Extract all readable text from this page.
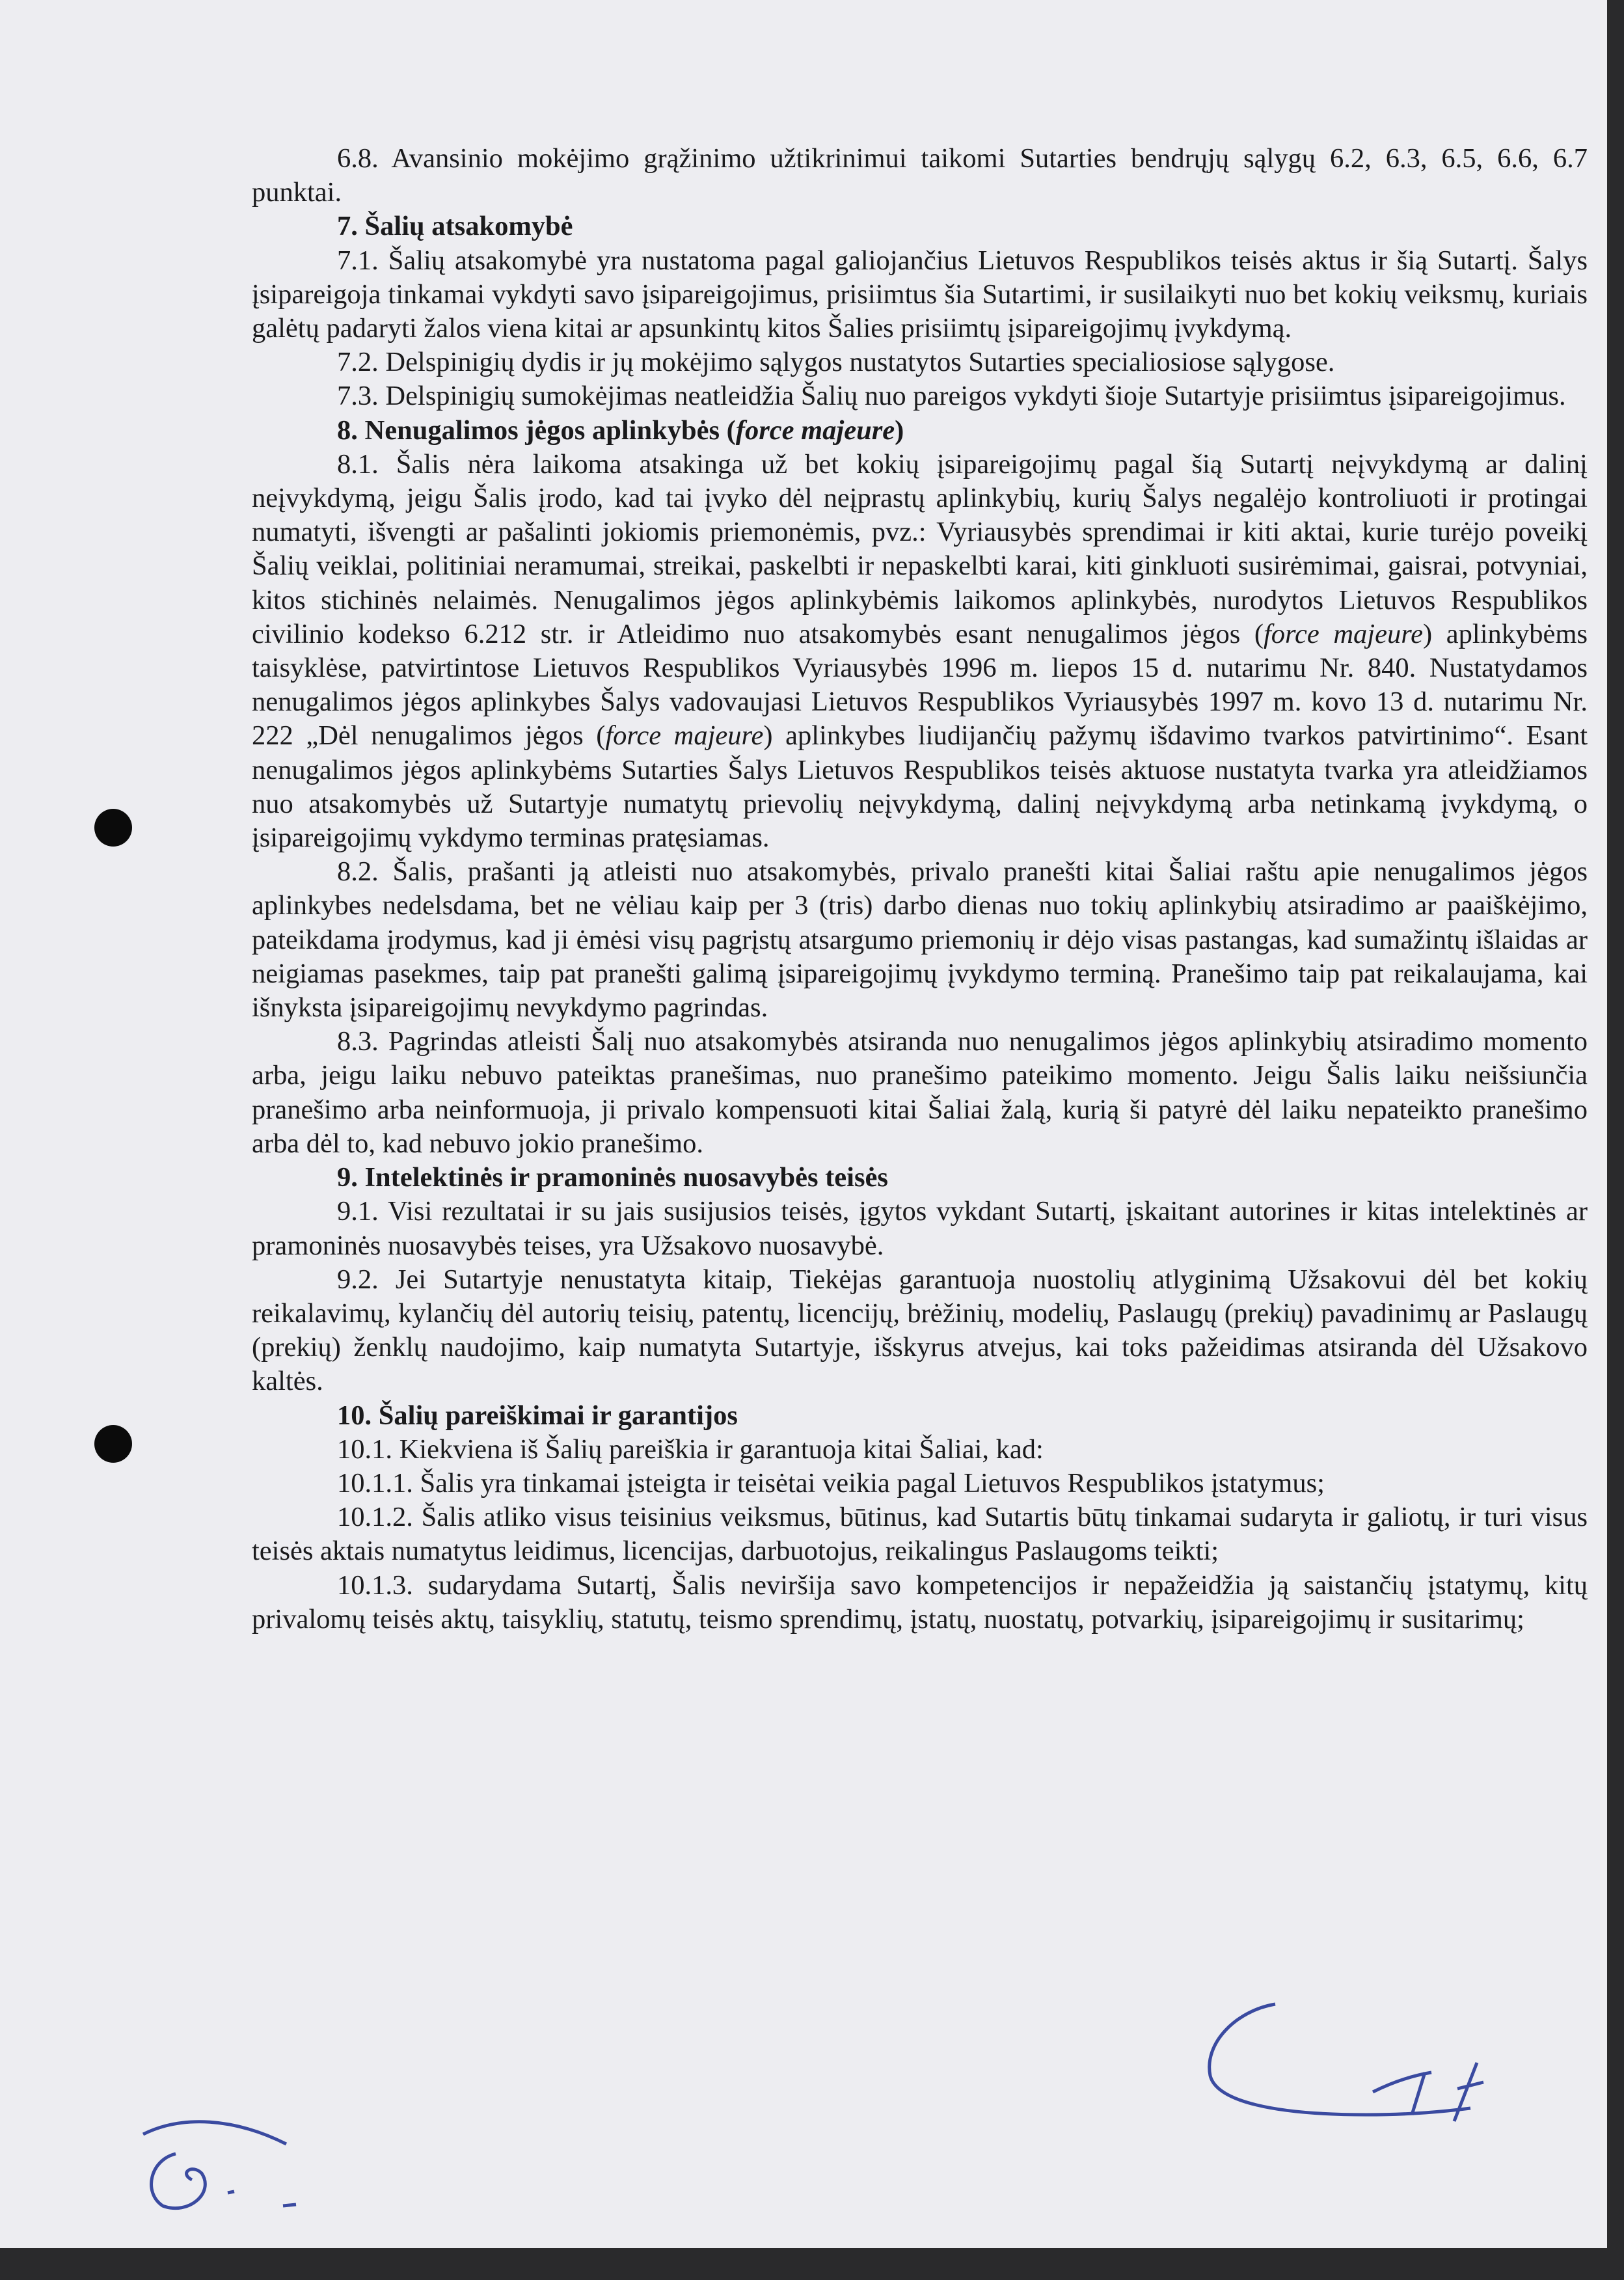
6.8. Avansinio mokėjimo grąžinimo užtikrinimui taikomi Sutarties bendrųjų sąlygų 6.2, 6.3, 6.5, 6.6, 6.7 punktai.

7. Šalių atsakomybė

7.1. Šalių atsakomybė yra nustatoma pagal galiojančius Lietuvos Respublikos teisės aktus ir šią Sutartį. Šalys įsipareigoja tinkamai vykdyti savo įsipareigojimus, prisiimtus šia Sutartimi, ir susilaikyti nuo bet kokių veiksmų, kuriais galėtų padaryti žalos viena kitai ar apsunkintų kitos Šalies prisiimtų įsipareigojimų įvykdymą.

7.2. Delspinigių dydis ir jų mokėjimo sąlygos nustatytos Sutarties specialiosiose sąlygose.

7.3. Delspinigių sumokėjimas neatleidžia Šalių nuo pareigos vykdyti šioje Sutartyje prisiimtus įsipareigojimus.

8. Nenugalimos jėgos aplinkybės (force majeure)

8.1. Šalis nėra laikoma atsakinga už bet kokių įsipareigojimų pagal šią Sutartį neįvykdymą ar dalinį neįvykdymą, jeigu Šalis įrodo, kad tai įvyko dėl neįprastų aplinkybių, kurių Šalys negalėjo kontroliuoti ir protingai numatyti, išvengti ar pašalinti jokiomis priemonėmis, pvz.: Vyriausybės sprendimai ir kiti aktai, kurie turėjo poveikį Šalių veiklai, politiniai neramumai, streikai, paskelbti ir nepaskelbti karai, kiti ginkluoti susirėmimai, gaisrai, potvyniai, kitos stichinės nelaimės. Nenugalimos jėgos aplinkybėmis laikomos aplinkybės, nurodytos Lietuvos Respublikos civilinio kodekso 6.212 str. ir Atleidimo nuo atsakomybės esant nenugalimos jėgos (force majeure) aplinkybėms taisyklėse, patvirtintose Lietuvos Respublikos Vyriausybės 1996 m. liepos 15 d. nutarimu Nr. 840. Nustatydamos nenugalimos jėgos aplinkybes Šalys vadovaujasi Lietuvos Respublikos Vyriausybės 1997 m. kovo 13 d. nutarimu Nr. 222 „Dėl nenugalimos jėgos (force majeure) aplinkybes liudijančių pažymų išdavimo tvarkos patvirtinimo“. Esant nenugalimos jėgos aplinkybėms Sutarties Šalys Lietuvos Respublikos teisės aktuose nustatyta tvarka yra atleidžiamos nuo atsakomybės už Sutartyje numatytų prievolių neįvykdymą, dalinį neįvykdymą arba netinkamą įvykdymą, o įsipareigojimų vykdymo terminas pratęsiamas.

8.2. Šalis, prašanti ją atleisti nuo atsakomybės, privalo pranešti kitai Šaliai raštu apie nenugalimos jėgos aplinkybes nedelsdama, bet ne vėliau kaip per 3 (tris) darbo dienas nuo tokių aplinkybių atsiradimo ar paaiškėjimo, pateikdama įrodymus, kad ji ėmėsi visų pagrįstų atsargumo priemonių ir dėjo visas pastangas, kad sumažintų išlaidas ar neigiamas pasekmes, taip pat pranešti galimą įsipareigojimų įvykdymo terminą. Pranešimo taip pat reikalaujama, kai išnyksta įsipareigojimų nevykdymo pagrindas.

8.3. Pagrindas atleisti Šalį nuo atsakomybės atsiranda nuo nenugalimos jėgos aplinkybių atsiradimo momento arba, jeigu laiku nebuvo pateiktas pranešimas, nuo pranešimo pateikimo momento. Jeigu Šalis laiku neišsiunčia pranešimo arba neinformuoja, ji privalo kompensuoti kitai Šaliai žalą, kurią ši patyrė dėl laiku nepateikto pranešimo arba dėl to, kad nebuvo jokio pranešimo.

9. Intelektinės ir pramoninės nuosavybės teisės

9.1. Visi rezultatai ir su jais susijusios teisės, įgytos vykdant Sutartį, įskaitant autorines ir kitas intelektinės ar pramoninės nuosavybės teises, yra Užsakovo nuosavybė.

9.2. Jei Sutartyje nenustatyta kitaip, Tiekėjas garantuoja nuostolių atlyginimą Užsakovui dėl bet kokių reikalavimų, kylančių dėl autorių teisių, patentų, licencijų, brėžinių, modelių, Paslaugų (prekių) pavadinimų ar Paslaugų (prekių) ženklų naudojimo, kaip numatyta Sutartyje, išskyrus atvejus, kai toks pažeidimas atsiranda dėl Užsakovo kaltės.

10. Šalių pareiškimai ir garantijos

10.1. Kiekviena iš Šalių pareiškia ir garantuoja kitai Šaliai, kad:

10.1.1. Šalis yra tinkamai įsteigta ir teisėtai veikia pagal Lietuvos Respublikos įstatymus;

10.1.2. Šalis atliko visus teisinius veiksmus, būtinus, kad Sutartis būtų tinkamai sudaryta ir galiotų, ir turi visus teisės aktais numatytus leidimus, licencijas, darbuotojus, reikalingus Paslaugoms teikti;

10.1.3. sudarydama Sutartį, Šalis neviršija savo kompetencijos ir nepažeidžia ją saistančių įstatymų, kitų privalomų teisės aktų, taisyklių, statutų, teismo sprendimų, įstatų, nuostatų, potvarkių, įsipareigojimų ir susitarimų;
